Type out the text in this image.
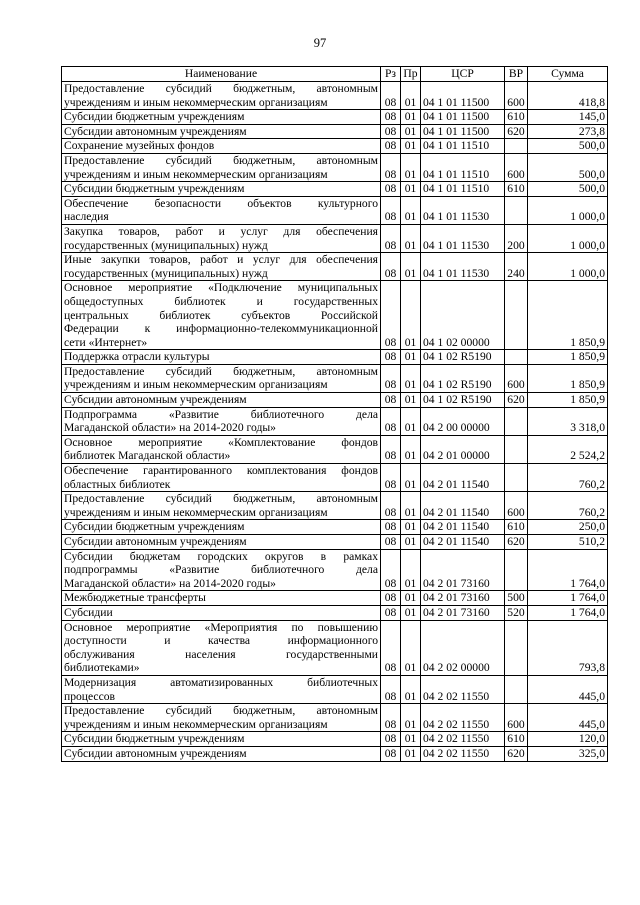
97
Наименование	Рз	Пр	ЦСР	ВР	Сумма

Предоставление субсидий бюджетным, автономным
учреждениям и иным некоммерческим организациям	08	01	04 1 01 11500	600	418,8

Субсидии бюджетным учреждениям	08	01	04 1 01 11500	610	145,0

Субсидии автономным учреждениям	08	01	04 1 01 11500	620	273,8

Сохранение музейных фондов	08	01	04 1 01 11510		500,0

Предоставление субсидий бюджетным, автономным
учреждениям и иным некоммерческим организациям	08	01	04 1 01 11510	600	500,0

Субсидии бюджетным учреждениям	08	01	04 1 01 11510	610	500,0

Обеспечение безопасности объектов культурного
наследия	08	01	04 1 01 11530		1 000,0

Закупка товаров, работ и услуг для обеспечения
государственных (муниципальных) нужд	08	01	04 1 01 11530	200	1 000,0

Иные закупки товаров, работ и услуг для обеспечения
государственных (муниципальных) нужд	08	01	04 1 01 11530	240	1 000,0

Основное мероприятие «Подключение муниципальных
общедоступных библиотек и государственных
центральных библиотек субъектов Российской
Федерации к информационно-телекоммуникационной
сети «Интернет»	08	01	04 1 02 00000		1 850,9

Поддержка отрасли культуры	08	01	04 1 02 R5190		1 850,9

Предоставление субсидий бюджетным, автономным
учреждениям и иным некоммерческим организациям	08	01	04 1 02 R5190	600	1 850,9

Субсидии автономным учреждениям	08	01	04 1 02 R5190	620	1 850,9

Подпрограмма «Развитие библиотечного дела
Магаданской области» на 2014-2020 годы»	08	01	04 2 00 00000		3 318,0

Основное мероприятие «Комплектование фондов
библиотек Магаданской области»	08	01	04 2 01 00000		2 524,2

Обеспечение гарантированного комплектования фондов
областных библиотек	08	01	04 2 01 11540		760,2

Предоставление субсидий бюджетным, автономным
учреждениям и иным некоммерческим организациям	08	01	04 2 01 11540	600	760,2

Субсидии бюджетным учреждениям	08	01	04 2 01 11540	610	250,0

Субсидии автономным учреждениям	08	01	04 2 01 11540	620	510,2

Субсидии бюджетам городских округов в рамках
подпрограммы «Развитие библиотечного дела
Магаданской области» на 2014-2020 годы»	08	01	04 2 01 73160		1 764,0

Межбюджетные трансферты	08	01	04 2 01 73160	500	1 764,0

Субсидии	08	01	04 2 01 73160	520	1 764,0

Основное мероприятие «Мероприятия по повышению
доступности и качества информационного
обслуживания населения государственными
библиотеками»	08	01	04 2 02 00000		793,8

Модернизация автоматизированных библиотечных
процессов	08	01	04 2 02 11550		445,0

Предоставление субсидий бюджетным, автономным
учреждениям и иным некоммерческим организациям	08	01	04 2 02 11550	600	445,0

Субсидии бюджетным учреждениям	08	01	04 2 02 11550	610	120,0

Субсидии автономным учреждениям	08	01	04 2 02 11550	620	325,0
